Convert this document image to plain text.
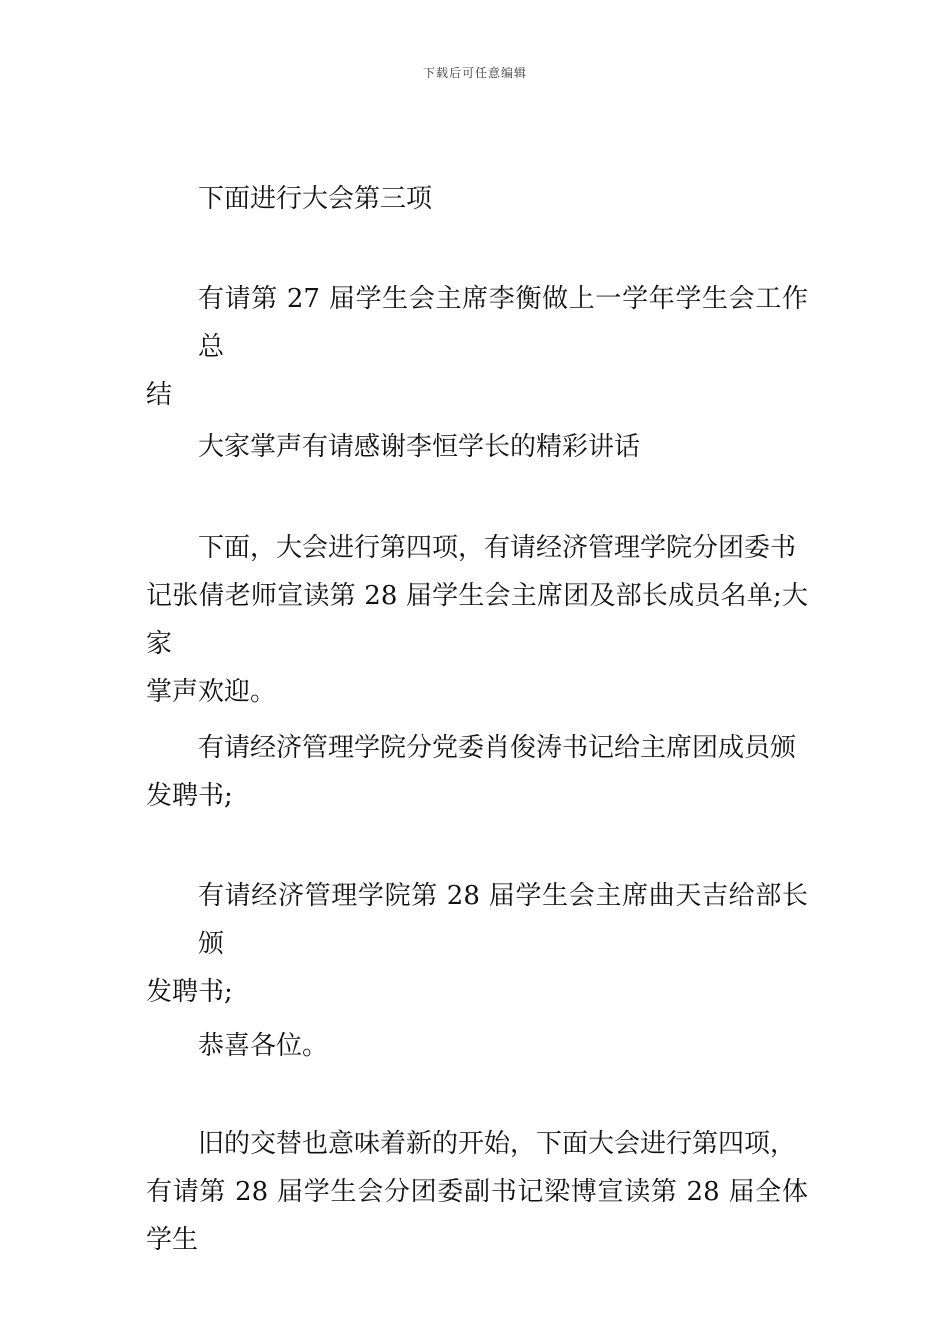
下载后可任意编辑
下面进行大会第三项
有请第 27 届学生会主席李衡做上一学年学生会工作总
结
大家掌声有请感谢李恒学长的精彩讲话
下面，大会进行第四项，有请经济管理学院分团委书
记张倩老师宣读第 28 届学生会主席团及部长成员名单;大家
掌声欢迎。
有请经济管理学院分党委肖俊涛书记给主席团成员颁
发聘书;
有请经济管理学院第 28 届学生会主席曲天吉给部长颁
发聘书;
恭喜各位。
旧的交替也意味着新的开始，下面大会进行第四项，
有请第 28 届学生会分团委副书记梁博宣读第 28 届全体学生
